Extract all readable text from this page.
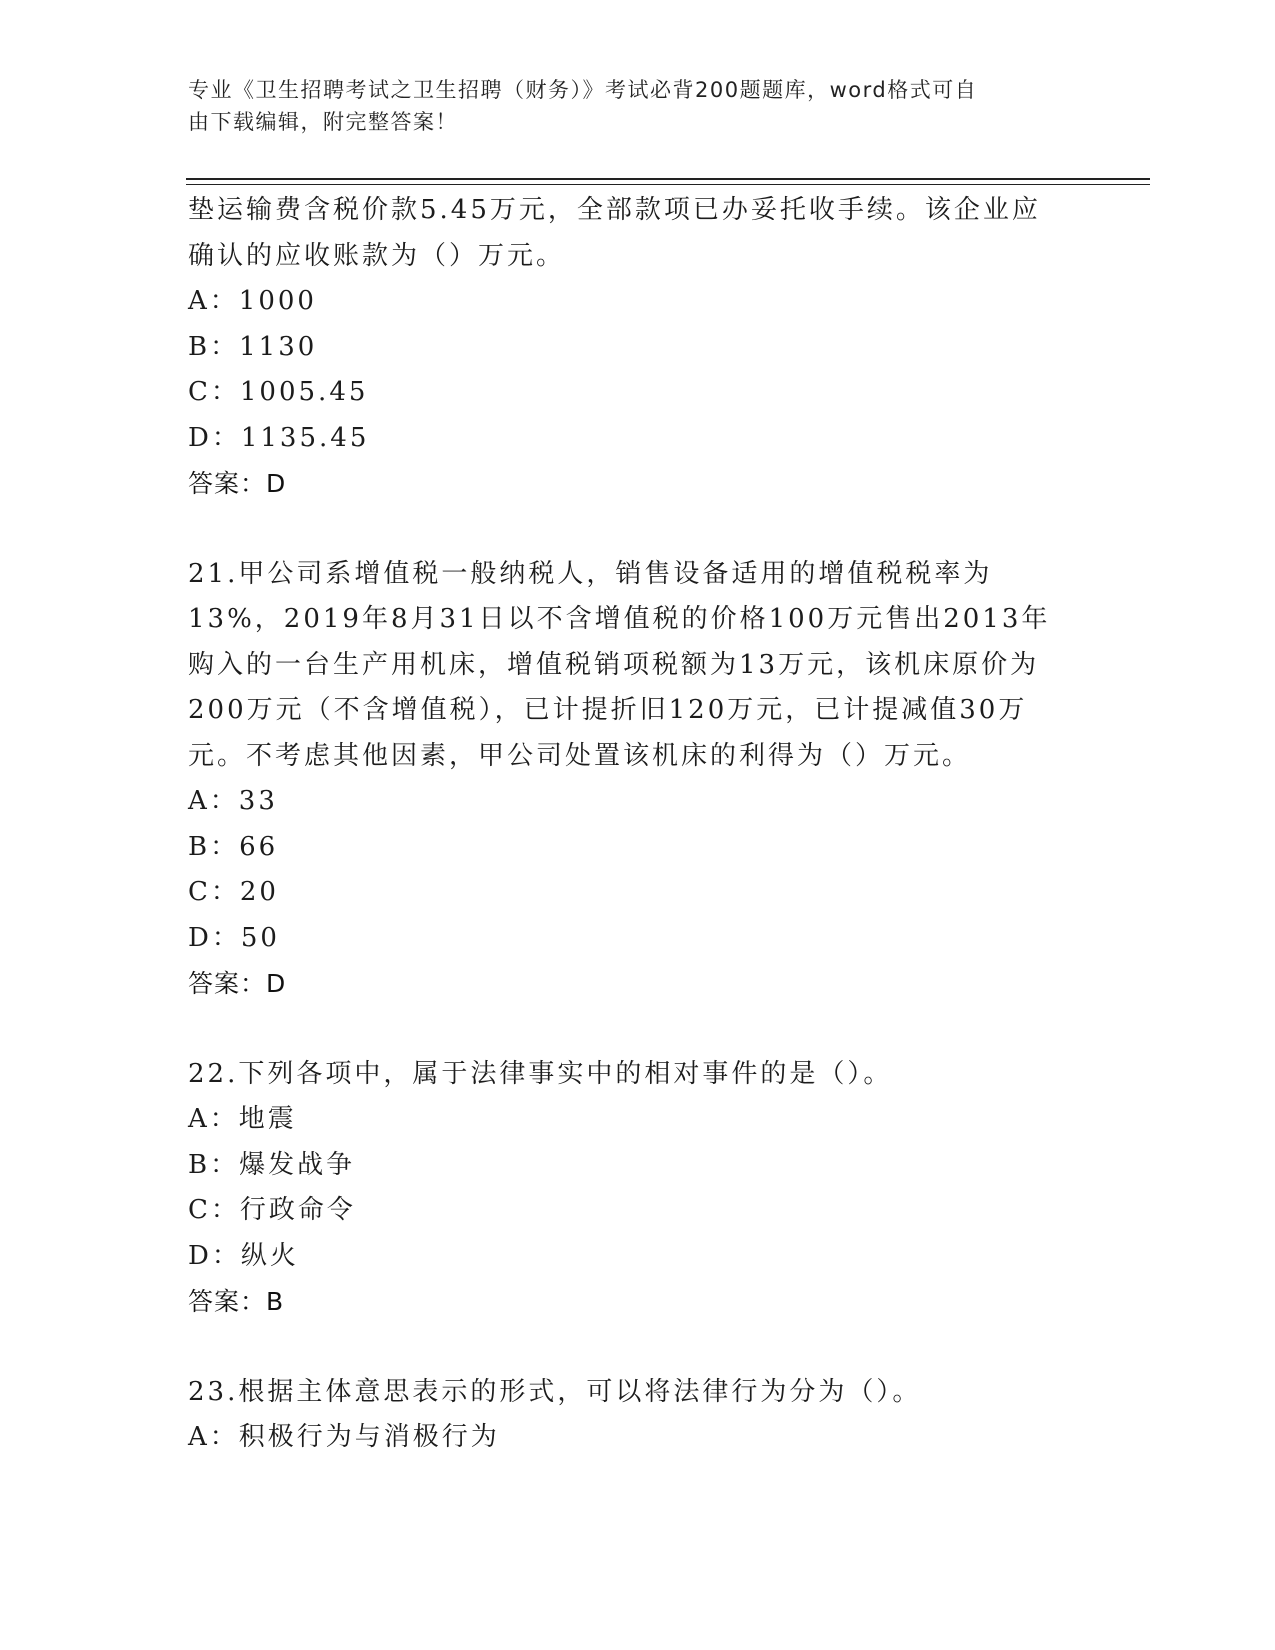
专业《卫生招聘考试之卫生招聘（财务）》考试必背200题题库，word格式可自
由下载编辑，附完整答案！
垫运输费含税价款5.45万元，全部款项已办妥托收手续。该企业应确认的应收账款为（）万元。
A：1000
B：1130
C：1005.45
D：1135.45
答案：D
21.甲公司系增值税一般纳税人，销售设备适用的增值税税率为13%，2019年8月31日以不含增值税的价格100万元售出2013年购入的一台生产用机床，增值税销项税额为13万元，该机床原价为200万元（不含增值税），已计提折旧120万元，已计提减值30万元。不考虑其他因素，甲公司处置该机床的利得为（）万元。
A：33
B：66
C：20
D：50
答案：D
22.下列各项中，属于法律事实中的相对事件的是（）。
A：地震
B：爆发战争
C：行政命令
D：纵火
答案：B
23.根据主体意思表示的形式，可以将法律行为分为（）。
A：积极行为与消极行为
